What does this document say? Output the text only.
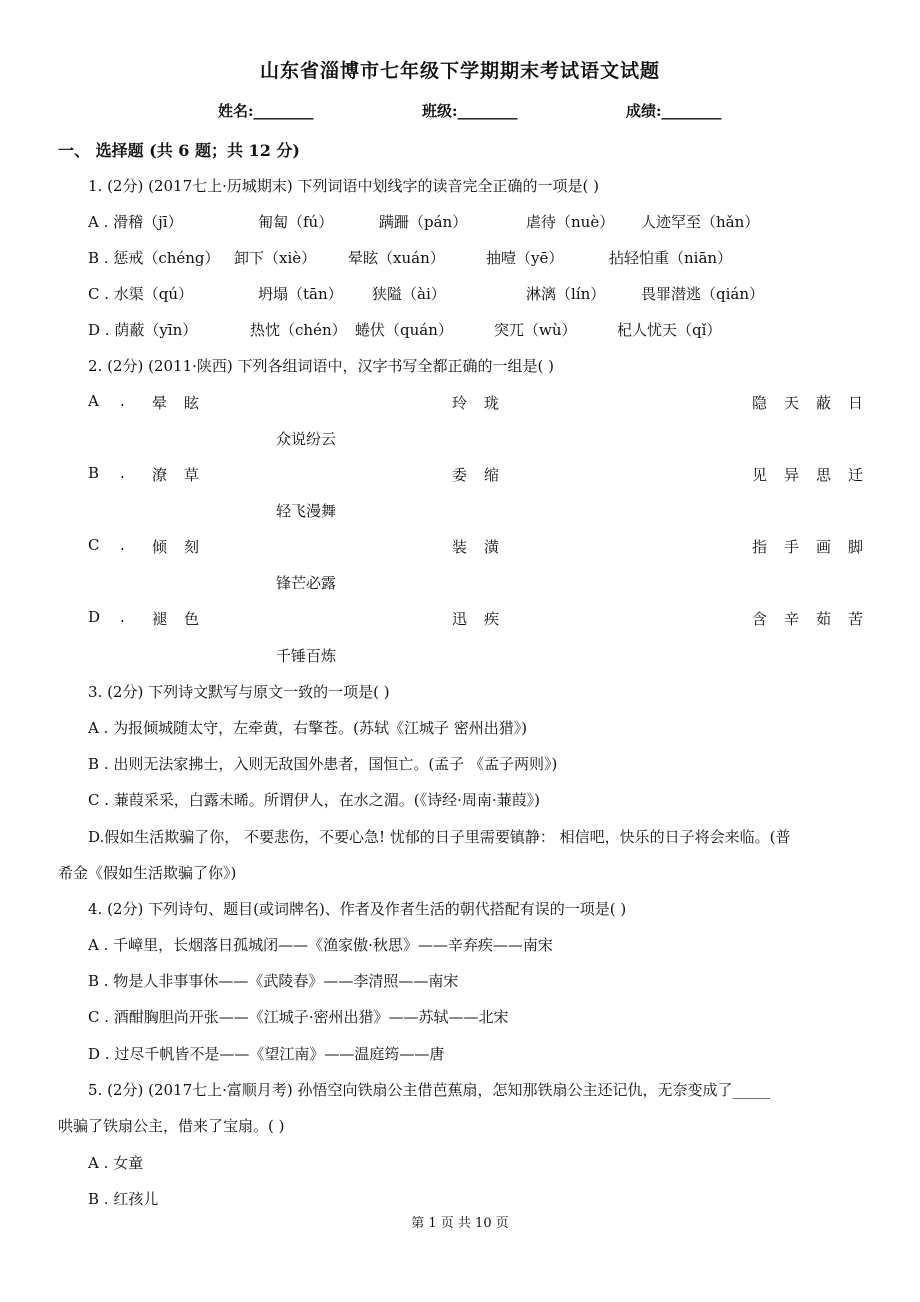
山东省淄博市七年级下学期期末考试语文试题
姓名:________	班级:________	成绩:________
一、 选择题 (共 6 题；共 12 分)
1. (2分) (2017七上·历城期末) 下列词语中划线字的读音完全正确的一项是( )
A . 滑稽（jī）	匍匐（fú）	蹒跚（pán）	虐待（nuè） 人迹罕至（hǎn）
B . 惩戒（chéng） 卸下（xiè） 晕眩（xuán）	抽噎（yē）	拈轻怕重（niān）
C . 水渠（qú）	坍塌（tān） 狭隘（ài）	淋漓（lín） 畏罪潜逃（qián）
D . 荫蔽（yīn）	热忱（chén） 蜷伏（quán）	突兀（wù）	杞人忧天（qǐ）
2. (2分) (2011·陕西) 下列各组词语中，汉字书写全都正确的一组是( )
A . 晕 眩	玲 珑	隐 天 蔽 日
众说纷云
B . 潦 草	委 缩	见 异 思 迁
轻飞漫舞
C . 倾 刻	装 潢	指 手 画 脚
锋芒必露
D . 褪 色	迅 疾	含 辛 茹 苦
千锤百炼
3. (2分) 下列诗文默写与原文一致的一项是( )
A . 为报倾城随太守，左牵黄，右擎苍。(苏轼《江城子 密州出猎》)
B . 出则无法家拂士，入则无敌国外患者，国恒亡。(孟子 《孟子两则》)
C . 蒹葭采采，白露未晞。所谓伊人，在水之湄。(《诗经·周南·蒹葭》)
D.假如生活欺骗了你， 不要悲伤，不要心急! 忧郁的日子里需要镇静： 相信吧，快乐的日子将会来临。(普
希金《假如生活欺骗了你》)
4. (2分) 下列诗句、题目(或词牌名)、作者及作者生活的朝代搭配有误的一项是( )
A . 千嶂里，长烟落日孤城闭——《渔家傲·秋思》——辛弃疾——南宋
B . 物是人非事事休——《武陵春》——李清照——南宋
C . 酒酣胸胆尚开张——《江城子·密州出猎》——苏轼——北宋
D . 过尽千帆皆不是——《望江南》——温庭筠——唐
5. (2分) (2017七上·富顺月考) 孙悟空向铁扇公主借芭蕉扇，怎知那铁扇公主还记仇，无奈变成了_____
哄骗了铁扇公主，借来了宝扇。( )
A . 女童
B . 红孩儿
第 1 页 共 10 页
